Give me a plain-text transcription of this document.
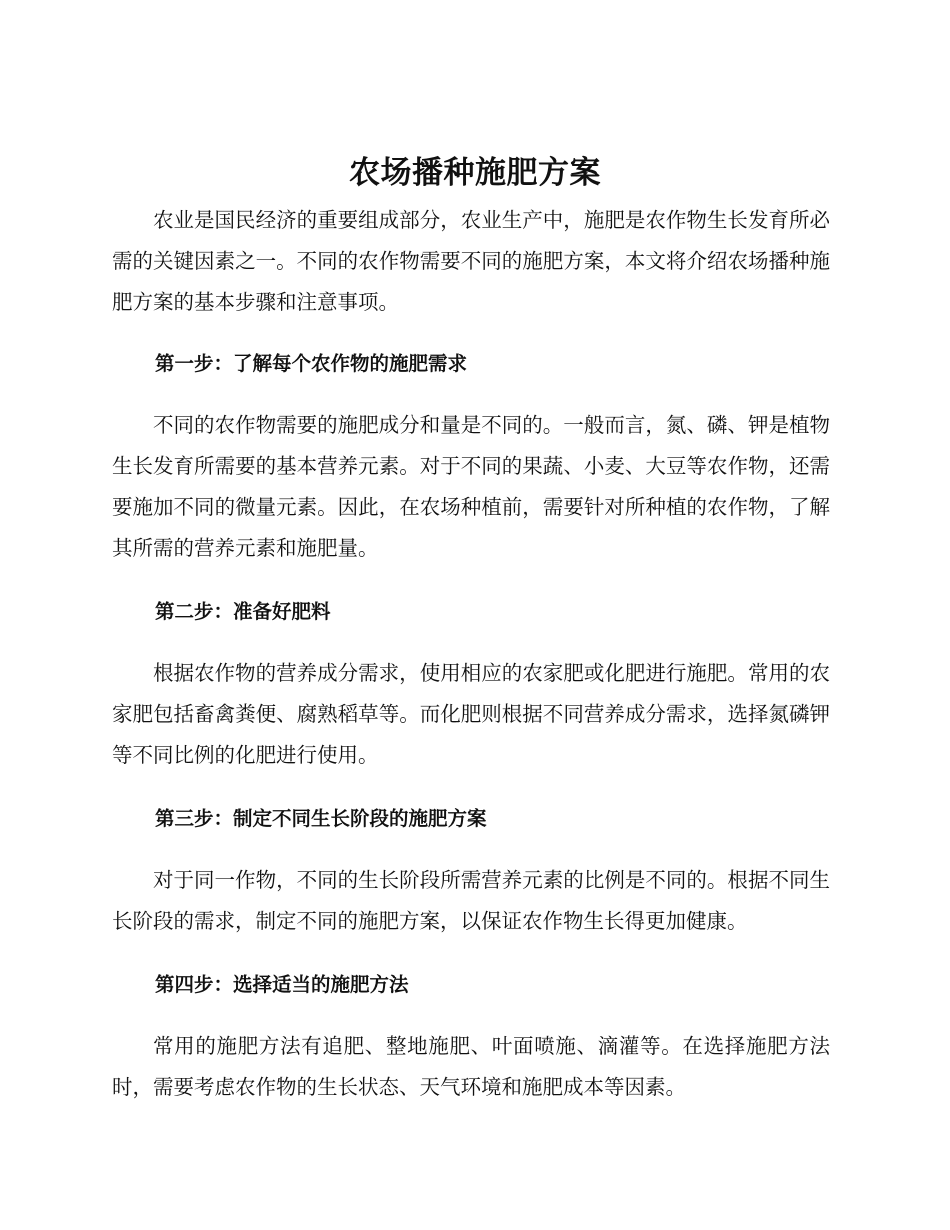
农场播种施肥方案

农业是国民经济的重要组成部分，农业生产中，施肥是农作物生长发育所必需的关键因素之一。不同的农作物需要不同的施肥方案，本文将介绍农场播种施肥方案的基本步骤和注意事项。

第一步：了解每个农作物的施肥需求

不同的农作物需要的施肥成分和量是不同的。一般而言，氮、磷、钾是植物生长发育所需要的基本营养元素。对于不同的果蔬、小麦、大豆等农作物，还需要施加不同的微量元素。因此，在农场种植前，需要针对所种植的农作物，了解其所需的营养元素和施肥量。

第二步：准备好肥料

根据农作物的营养成分需求，使用相应的农家肥或化肥进行施肥。常用的农家肥包括畜禽粪便、腐熟稻草等。而化肥则根据不同营养成分需求，选择氮磷钾等不同比例的化肥进行使用。

第三步：制定不同生长阶段的施肥方案

对于同一作物，不同的生长阶段所需营养元素的比例是不同的。根据不同生长阶段的需求，制定不同的施肥方案，以保证农作物生长得更加健康。

第四步：选择适当的施肥方法

常用的施肥方法有追肥、整地施肥、叶面喷施、滴灌等。在选择施肥方法时，需要考虑农作物的生长状态、天气环境和施肥成本等因素。
